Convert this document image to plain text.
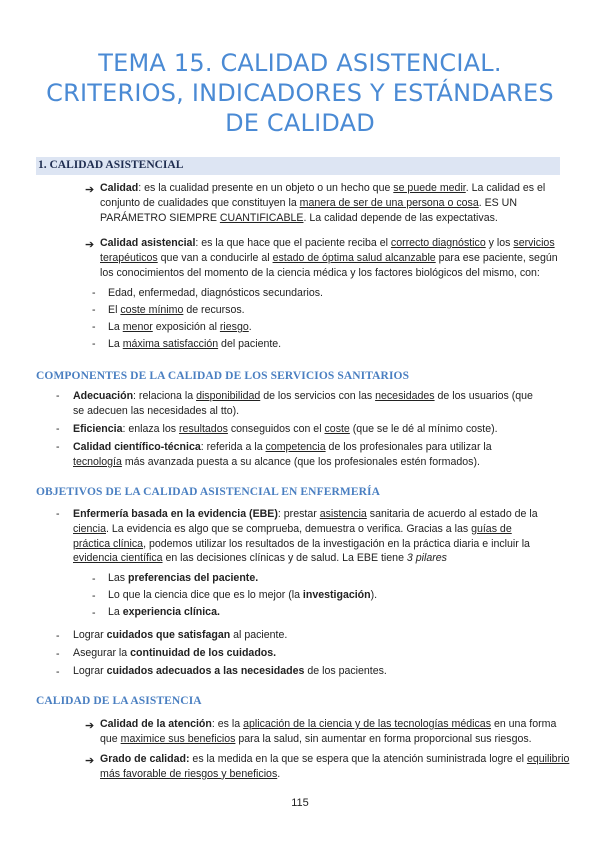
TEMA 15. CALIDAD ASISTENCIAL.
CRITERIOS, INDICADORES Y ESTÁNDARES
DE CALIDAD
1. CALIDAD ASISTENCIAL
➔ Calidad: es la cualidad presente en un objeto o un hecho que se puede medir. La calidad es el
conjunto de cualidades que constituyen la manera de ser de una persona o cosa. ES UN
PARÁMETRO SIEMPRE CUANTIFICABLE. La calidad depende de las expectativas.
➔ Calidad asistencial: es la que hace que el paciente reciba el correcto diagnóstico y los servicios
terapéuticos que van a conducirle al estado de óptima salud alcanzable para ese paciente, según
los conocimientos del momento de la ciencia médica y los factores biológicos del mismo, con:
- Edad, enfermedad, diagnósticos secundarios.
- El coste mínimo de recursos.
- La menor exposición al riesgo.
- La máxima satisfacción del paciente.
COMPONENTES DE LA CALIDAD DE LOS SERVICIOS SANITARIOS
- Adecuación: relaciona la disponibilidad de los servicios con las necesidades de los usuarios (que
se adecuen las necesidades al tto).
- Eficiencia: enlaza los resultados conseguidos con el coste (que se le dé al mínimo coste).
- Calidad científico-técnica: referida a la competencia de los profesionales para utilizar la
tecnología más avanzada puesta a su alcance (que los profesionales estén formados).
OBJETIVOS DE LA CALIDAD ASISTENCIAL EN ENFERMERÍA
- Enfermería basada en la evidencia (EBE): prestar asistencia sanitaria de acuerdo al estado de la
ciencia. La evidencia es algo que se comprueba, demuestra o verifica. Gracias a las guías de
práctica clínica, podemos utilizar los resultados de la investigación en la práctica diaria e incluir la
evidencia científica en las decisiones clínicas y de salud. La EBE tiene 3 pilares
- Las preferencias del paciente.
- Lo que la ciencia dice que es lo mejor (la investigación).
- La experiencia clínica.
- Lograr cuidados que satisfagan al paciente.
- Asegurar la continuidad de los cuidados.
- Lograr cuidados adecuados a las necesidades de los pacientes.
CALIDAD DE LA ASISTENCIA
➔ Calidad de la atención: es la aplicación de la ciencia y de las tecnologías médicas en una forma
que maximice sus beneficios para la salud, sin aumentar en forma proporcional sus riesgos.
➔ Grado de calidad: es la medida en la que se espera que la atención suministrada logre el equilibrio
más favorable de riesgos y beneficios.
115
